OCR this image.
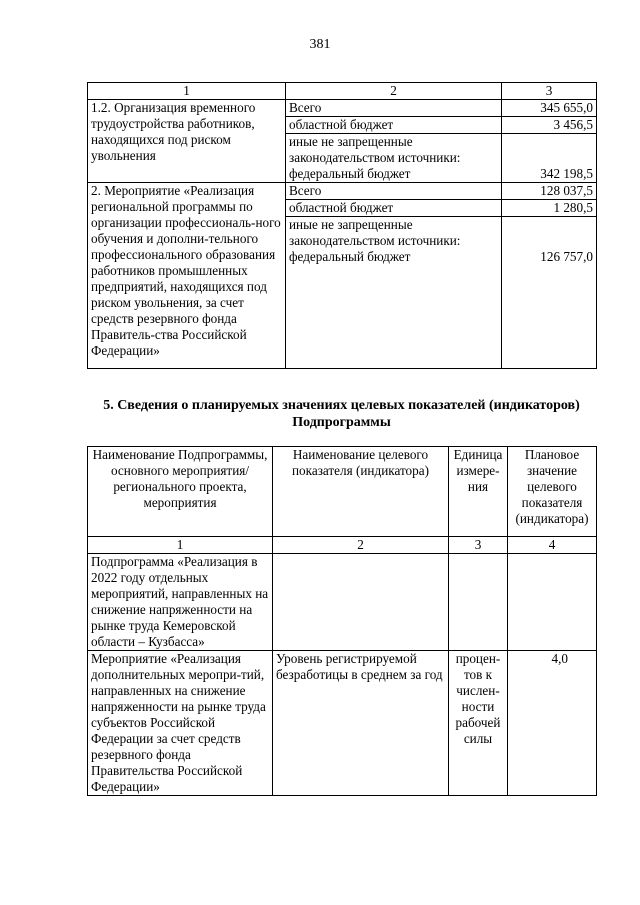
381
1	2	3
1.2. Организация временного трудоустройства работников, находящихся под риском увольнения	Всего	345 655,0
	областной бюджет	3 456,5
	иные не запрещенные законодательством источники: федеральный бюджет	342 198,5
2. Мероприятие «Реализация региональной программы по организации профессиональ-ного обучения и дополни-тельного профессионального образования работников промышленных предприятий, находящихся под риском увольнения, за счет средств резервного фонда Правитель-ства Российской Федерации»	Всего	128 037,5
	областной бюджет	1 280,5
	иные не запрещенные законодательством источники: федеральный бюджет	126 757,0
5. Сведения о планируемых значениях целевых показателей (индикаторов) Подпрограммы
Наименование Подпрограммы, основного мероприятия/ регионального проекта, мероприятия	Наименование целевого показателя (индикатора)	Единица измере-ния	Плановое значение целевого показателя (индикатора)
1	2	3	4
Подпрограмма «Реализация в 2022 году отдельных мероприятий, направленных на снижение напряженности на рынке труда Кемеровской области – Кузбасса»			
Мероприятие «Реализация дополнительных меропри-тий, направленных на снижение напряженности на рынке труда субъектов Российской Федерации за счет средств резервного фонда Правительства Российской Федерации»	Уровень регистрируемой безработицы в среднем за год	процен-тов к числен-ности рабочей силы	4,0
